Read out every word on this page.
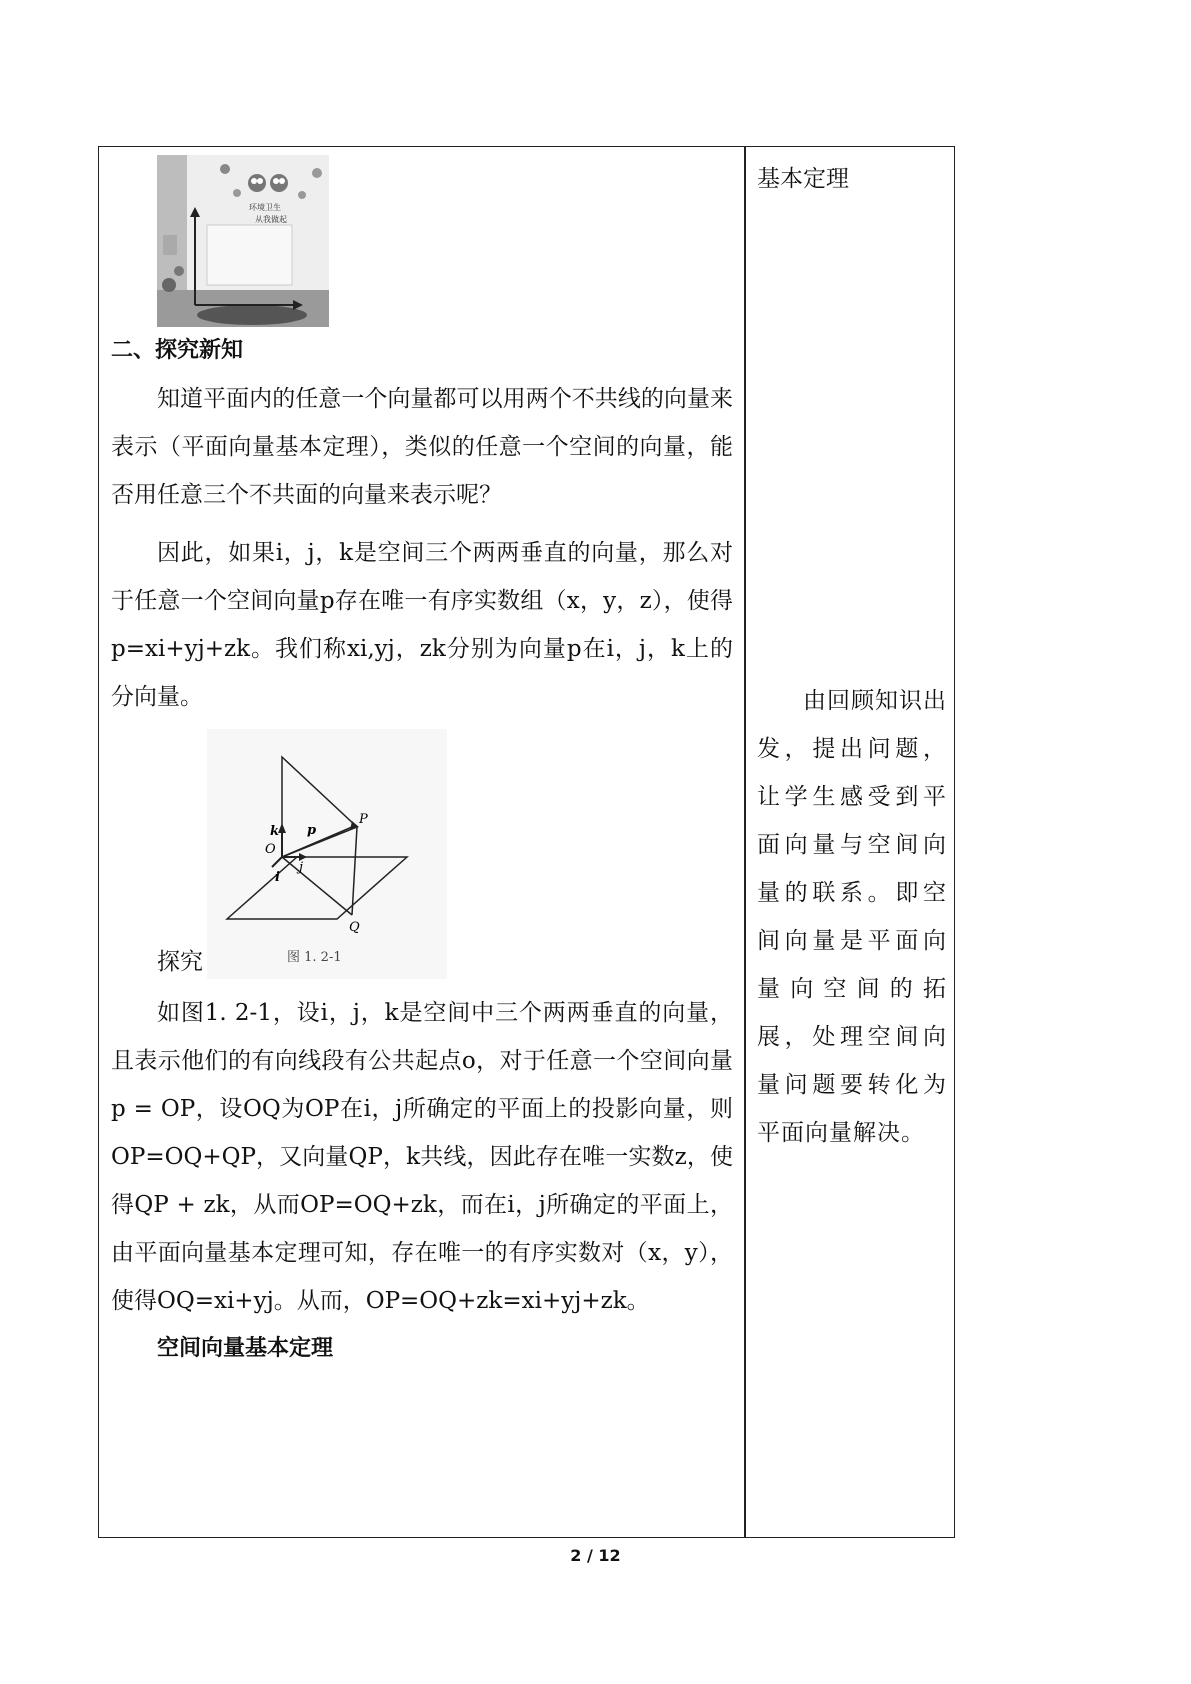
环境卫生
从我做起

二、探究新知

知道平面内的任意一个向量都可以用两个不共线的向量来表示（平面向量基本定理），类似的任意一个空间的向量，能否用任意三个不共面的向量来表示呢？

因此，如果i，j，k是空间三个两两垂直的向量，那么对于任意一个空间向量p存在唯一有序实数组（x，y，z），使得p=xi+yj+zk。我们称xi,yj，zk分别为向量p在i，j，k上的分向量。

k p
P
O
j
i
Q
图 1. 2-1
探究

如图1. 2-1，设i，j，k是空间中三个两两垂直的向量，且表示他们的有向线段有公共起点o，对于任意一个空间向量p = OP，设OQ为OP在i，j所确定的平面上的投影向量，则OP=OQ+QP，又向量QP，k共线，因此存在唯一实数z，使得QP + zk，从而OP=OQ+zk，而在i，j所确定的平面上，由平面向量基本定理可知，存在唯一的有序实数对（x，y），使得OQ=xi+yj。从而，OP=OQ+zk=xi+yj+zk。

空间向量基本定理

基本定理
由回顾知识出发，提出问题，让学生感受到平面向量与空间向量的联系。即空间向量是平面向量向空间的拓展，处理空间向量问题要转化为平面向量解决。
2 / 12
